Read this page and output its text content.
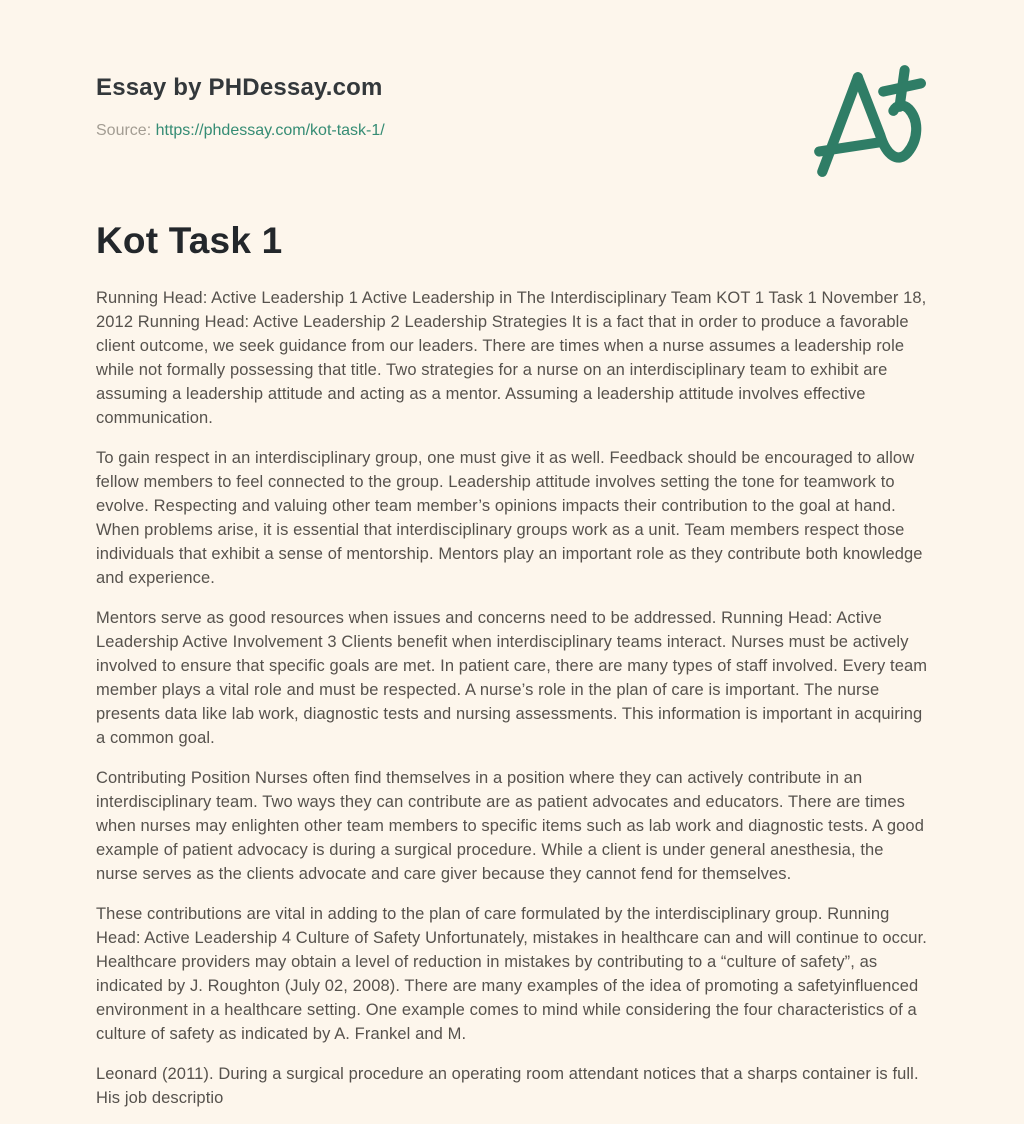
Essay by PHDessay.com
Source: https://phdessay.com/kot-task-1/
Kot Task 1

Running Head: Active Leadership 1 Active Leadership in The Interdisciplinary Team KOT 1 Task 1 November 18, 2012 Running Head: Active Leadership 2 Leadership Strategies It is a fact that in order to produce a favorable client outcome, we seek guidance from our leaders. There are times when a nurse assumes a leadership role while not formally possessing that title. Two strategies for a nurse on an interdisciplinary team to exhibit are assuming a leadership attitude and acting as a mentor. Assuming a leadership attitude involves effective communication.

To gain respect in an interdisciplinary group, one must give it as well. Feedback should be encouraged to allow fellow members to feel connected to the group. Leadership attitude involves setting the tone for teamwork to evolve. Respecting and valuing other team member’s opinions impacts their contribution to the goal at hand. When problems arise, it is essential that interdisciplinary groups work as a unit. Team members respect those individuals that exhibit a sense of mentorship. Mentors play an important role as they contribute both knowledge and experience.

Mentors serve as good resources when issues and concerns need to be addressed. Running Head: Active Leadership Active Involvement 3 Clients benefit when interdisciplinary teams interact. Nurses must be actively involved to ensure that specific goals are met. In patient care, there are many types of staff involved. Every team member plays a vital role and must be respected. A nurse’s role in the plan of care is important. The nurse presents data like lab work, diagnostic tests and nursing assessments. This information is important in acquiring a common goal.

Contributing Position Nurses often find themselves in a position where they can actively contribute in an interdisciplinary team. Two ways they can contribute are as patient advocates and educators. There are times when nurses may enlighten other team members to specific items such as lab work and diagnostic tests. A good example of patient advocacy is during a surgical procedure. While a client is under general anesthesia, the nurse serves as the clients advocate and care giver because they cannot fend for themselves.

These contributions are vital in adding to the plan of care formulated by the interdisciplinary group. Running Head: Active Leadership 4 Culture of Safety Unfortunately, mistakes in healthcare can and will continue to occur. Healthcare providers may obtain a level of reduction in mistakes by contributing to a “culture of safety”, as indicated by J. Roughton (July 02, 2008). There are many examples of the idea of promoting a safetyinfluenced environment in a healthcare setting. One example comes to mind while considering the four characteristics of a culture of safety as indicated by A. Frankel and M.

Leonard (2011). During a surgical procedure an operating room attendant notices that a sharps container is full. His job descriptio
